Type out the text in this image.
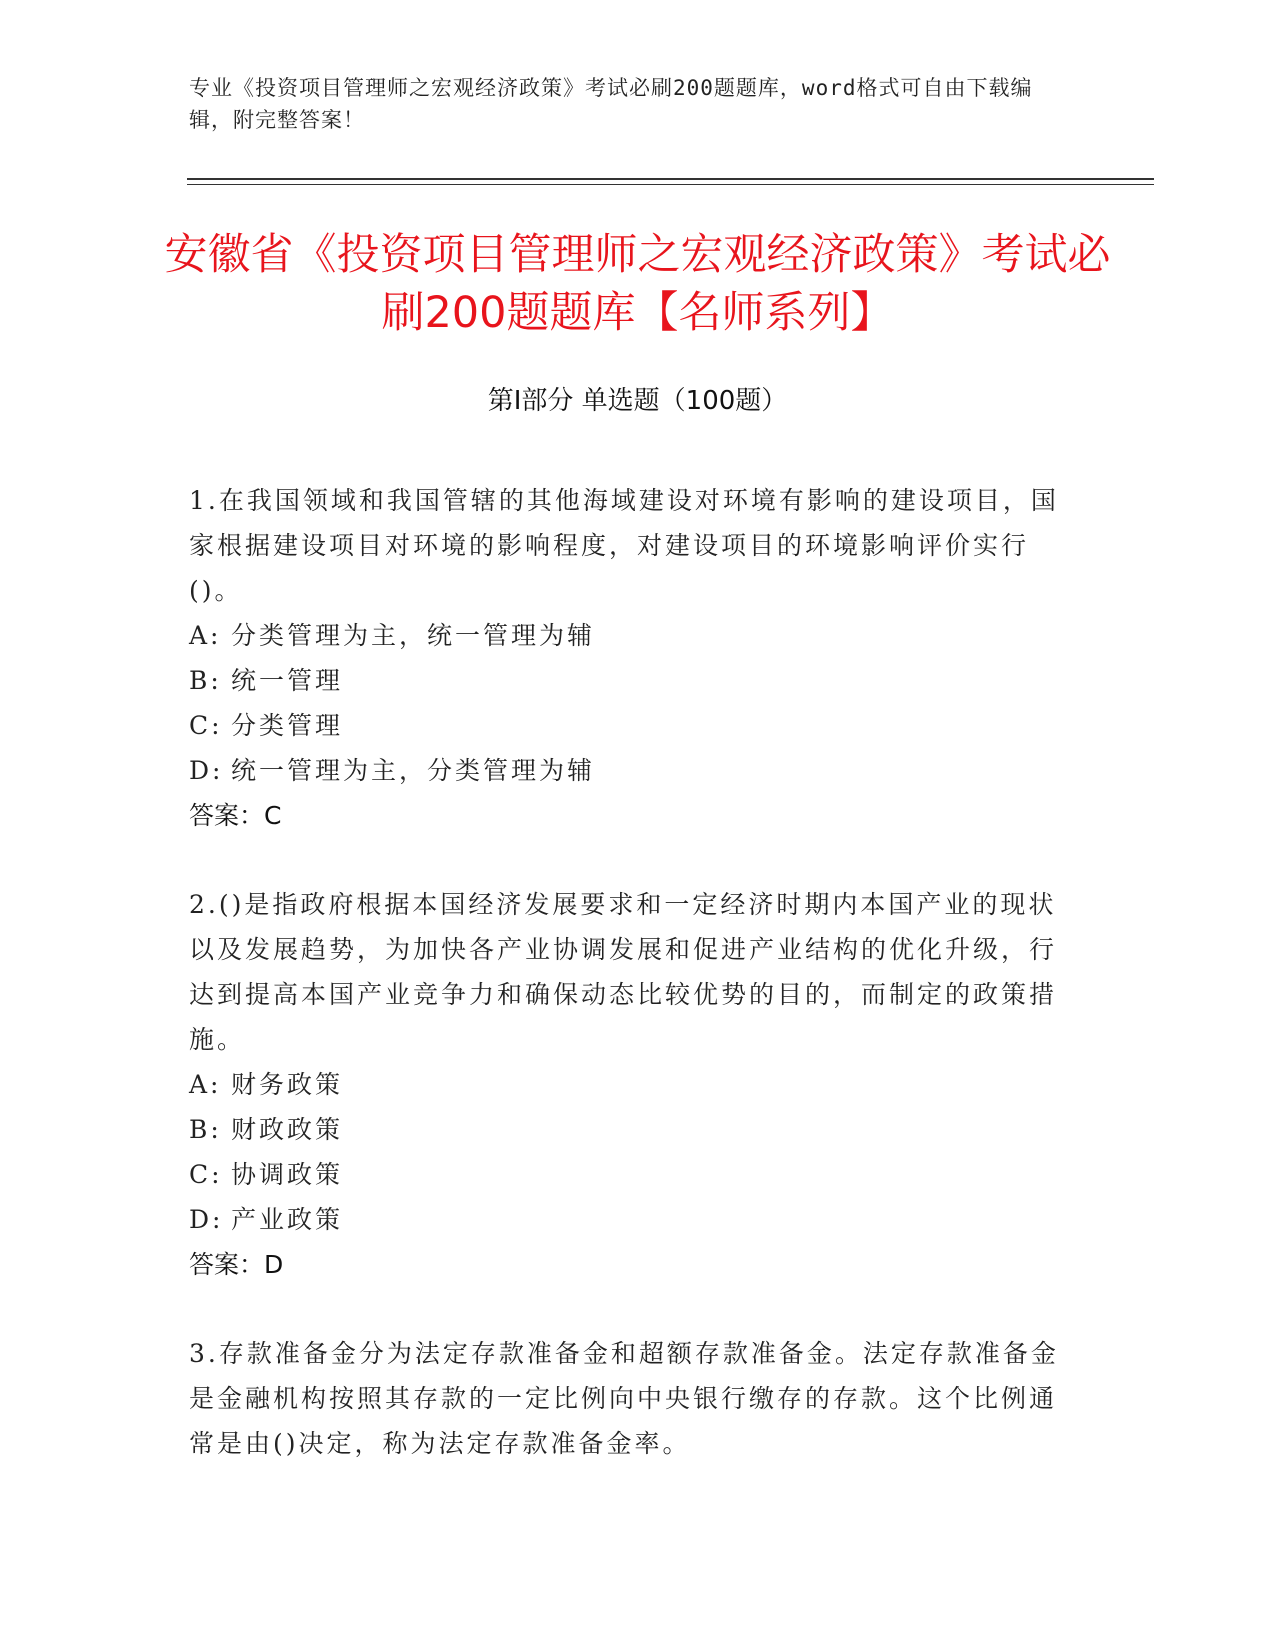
专业《投资项目管理师之宏观经济政策》考试必刷200题题库，word格式可自由下载编辑，附完整答案！
安徽省《投资项目管理师之宏观经济政策》考试必刷200题题库【名师系列】
第I部分 单选题（100题）
1.在我国领域和我国管辖的其他海域建设对环境有影响的建设项目，国家根据建设项目对环境的影响程度，对建设项目的环境影响评价实行()。
A: 分类管理为主，统一管理为辅
B: 统一管理
C: 分类管理
D: 统一管理为主，分类管理为辅
答案：C
2.()是指政府根据本国经济发展要求和一定经济时期内本国产业的现状以及发展趋势，为加快各产业协调发展和促进产业结构的优化升级，行达到提高本国产业竞争力和确保动态比较优势的目的，而制定的政策措施。
A: 财务政策
B: 财政政策
C: 协调政策
D: 产业政策
答案：D
3.存款准备金分为法定存款准备金和超额存款准备金。法定存款准备金是金融机构按照其存款的一定比例向中央银行缴存的存款。这个比例通常是由()决定，称为法定存款准备金率。
